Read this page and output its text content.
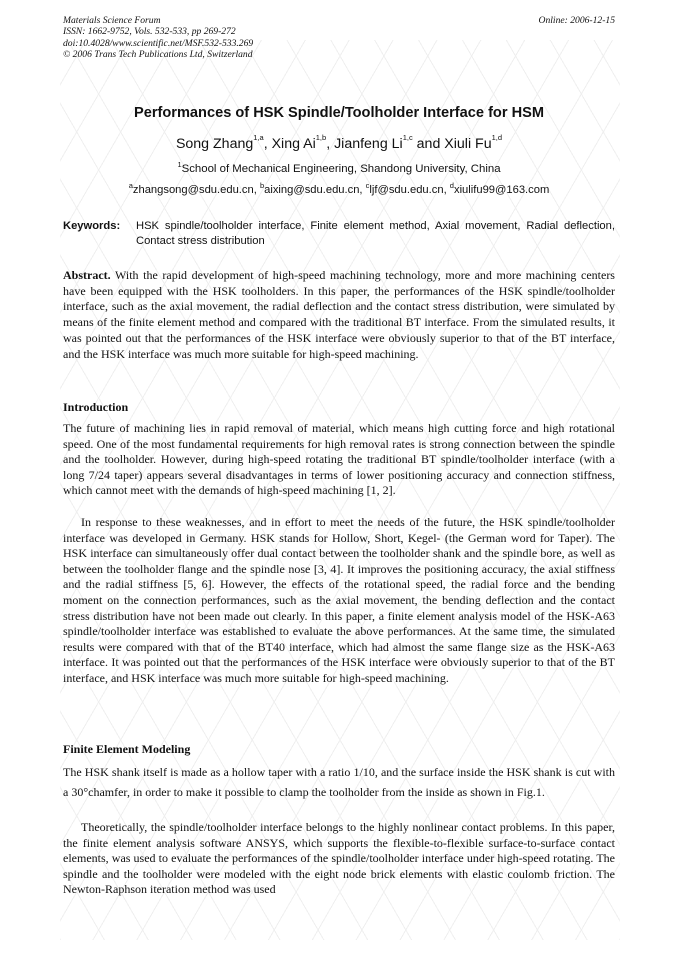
Materials Science Forum
ISSN: 1662-9752, Vols. 532-533, pp 269-272
doi:10.4028/www.scientific.net/MSF.532-533.269
© 2006 Trans Tech Publications Ltd, Switzerland
Online: 2006-12-15
Performances of HSK Spindle/Toolholder Interface for HSM
Song Zhang$^{1,a}$, Xing Ai$^{1,b}$, Jianfeng Li$^{1,c}$ and Xiuli Fu$^{1,d}$
$^1$School of Mechanical Engineering, Shandong University, China
$^a$zhangsong@sdu.edu.cn, $^b$aixing@sdu.edu.cn, $^c$ljf@sdu.edu.cn, $^d$xiulifu99@163.com
Keywords:	HSK spindle/toolholder interface, Finite element method, Axial movement, Radial deflection, Contact stress distribution
Abstract. With the rapid development of high-speed machining technology, more and more machining centers have been equipped with the HSK toolholders. In this paper, the performances of the HSK spindle/toolholder interface, such as the axial movement, the radial deflection and the contact stress distribution, were simulated by means of the finite element method and compared with the traditional BT interface. From the simulated results, it was pointed out that the performances of the HSK interface were obviously superior to that of the BT interface, and the HSK interface was much more suitable for high-speed machining.
Introduction
The future of machining lies in rapid removal of material, which means high cutting force and high rotational speed. One of the most fundamental requirements for high removal rates is strong connection between the spindle and the toolholder. However, during high-speed rotating the traditional BT spindle/toolholder interface (with a long 7/24 taper) appears several disadvantages in terms of lower positioning accuracy and connection stiffness, which cannot meet with the demands of high-speed machining [1, 2].
In response to these weaknesses, and in effort to meet the needs of the future, the HSK spindle/toolholder interface was developed in Germany. HSK stands for Hollow, Short, Kegel- (the German word for Taper). The HSK interface can simultaneously offer dual contact between the toolholder shank and the spindle bore, as well as between the toolholder flange and the spindle nose [3, 4]. It improves the positioning accuracy, the axial stiffness and the radial stiffness [5, 6]. However, the effects of the rotational speed, the radial force and the bending moment on the connection performances, such as the axial movement, the bending deflection and the contact stress distribution have not been made out clearly. In this paper, a finite element analysis model of the HSK-A63 spindle/toolholder interface was established to evaluate the above performances. At the same time, the simulated results were compared with that of the BT40 interface, which had almost the same flange size as the HSK-A63 interface. It was pointed out that the performances of the HSK interface were obviously superior to that of the BT interface, and HSK interface was much more suitable for high-speed machining.
Finite Element Modeling
The HSK shank itself is made as a hollow taper with a ratio 1/10, and the surface inside the HSK shank is cut with a 30°chamfer, in order to make it possible to clamp the toolholder from the inside as shown in Fig.1.
Theoretically, the spindle/toolholder interface belongs to the highly nonlinear contact problems. In this paper, the finite element analysis software ANSYS, which supports the flexible-to-flexible surface-to-surface contact elements, was used to evaluate the performances of the spindle/toolholder interface under high-speed rotating. The spindle and the toolholder were modeled with the eight node brick elements with elastic coulomb friction. The Newton-Raphson iteration method was used
